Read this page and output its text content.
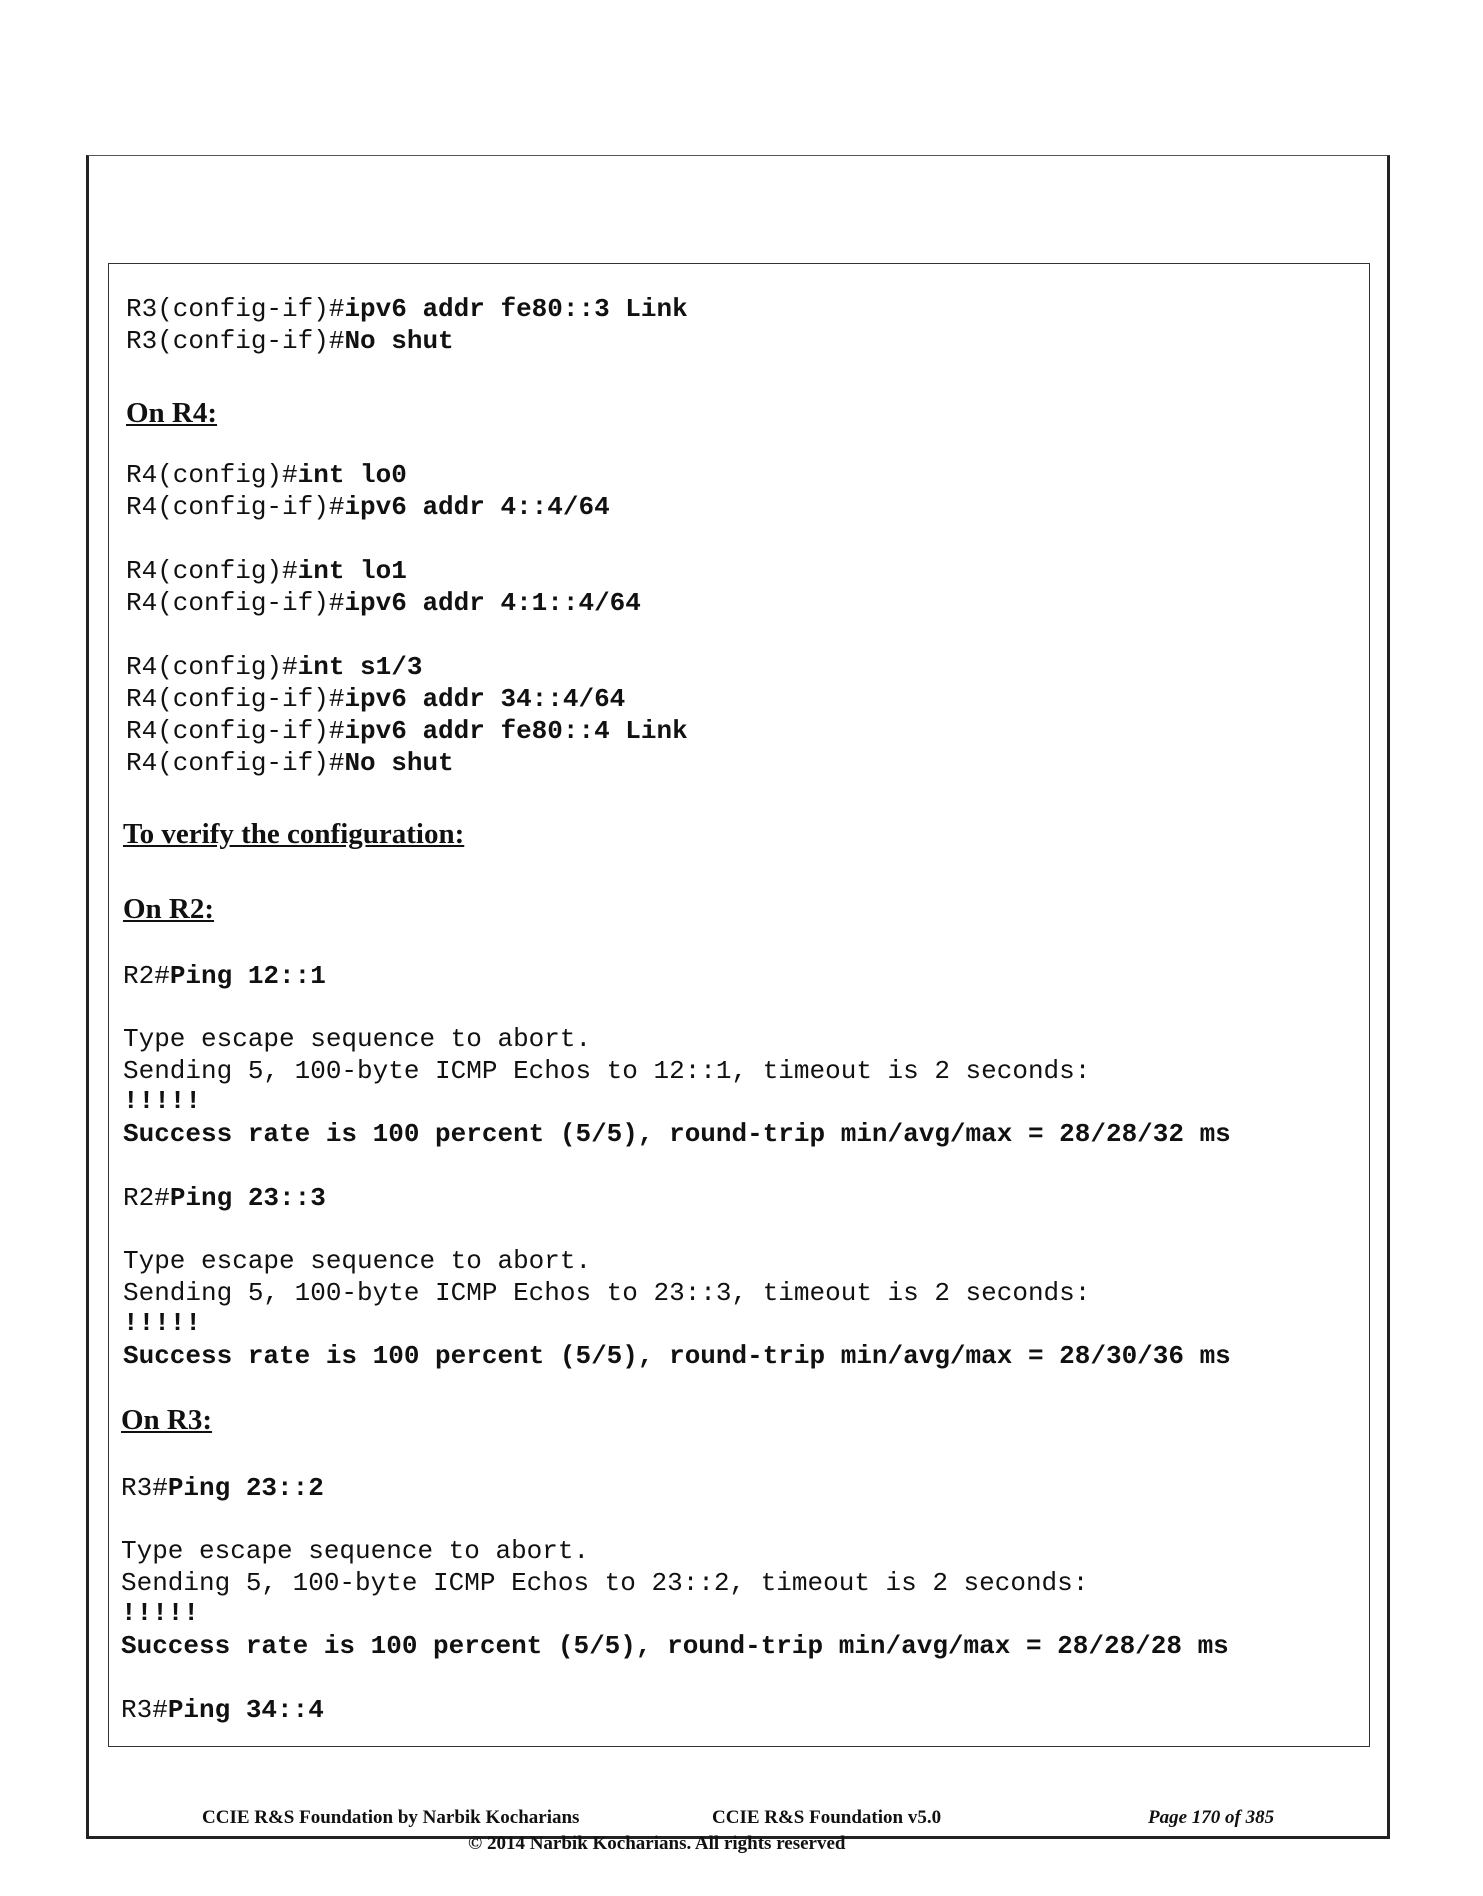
R3(config-if)#ipv6 addr fe80::3 Link
R3(config-if)#No shut
On R4:
R4(config)#int lo0
R4(config-if)#ipv6 addr 4::4/64
R4(config)#int lo1
R4(config-if)#ipv6 addr 4:1::4/64
R4(config)#int s1/3
R4(config-if)#ipv6 addr 34::4/64
R4(config-if)#ipv6 addr fe80::4 Link
R4(config-if)#No shut
To verify the configuration:
On R2:
R2#Ping 12::1
Type escape sequence to abort.
Sending 5, 100-byte ICMP Echos to 12::1, timeout is 2 seconds:
!!!!!
Success rate is 100 percent (5/5), round-trip min/avg/max = 28/28/32 ms
R2#Ping 23::3
Type escape sequence to abort.
Sending 5, 100-byte ICMP Echos to 23::3, timeout is 2 seconds:
!!!!!
Success rate is 100 percent (5/5), round-trip min/avg/max = 28/30/36 ms
On R3:
R3#Ping 23::2
Type escape sequence to abort.
Sending 5, 100-byte ICMP Echos to 23::2, timeout is 2 seconds:
!!!!!
Success rate is 100 percent (5/5), round-trip min/avg/max = 28/28/28 ms
R3#Ping 34::4
CCIE R&S Foundation by Narbik Kocharians	CCIE R&S Foundation v5.0	Page 170 of 385
© 2014 Narbik Kocharians. All rights reserved
